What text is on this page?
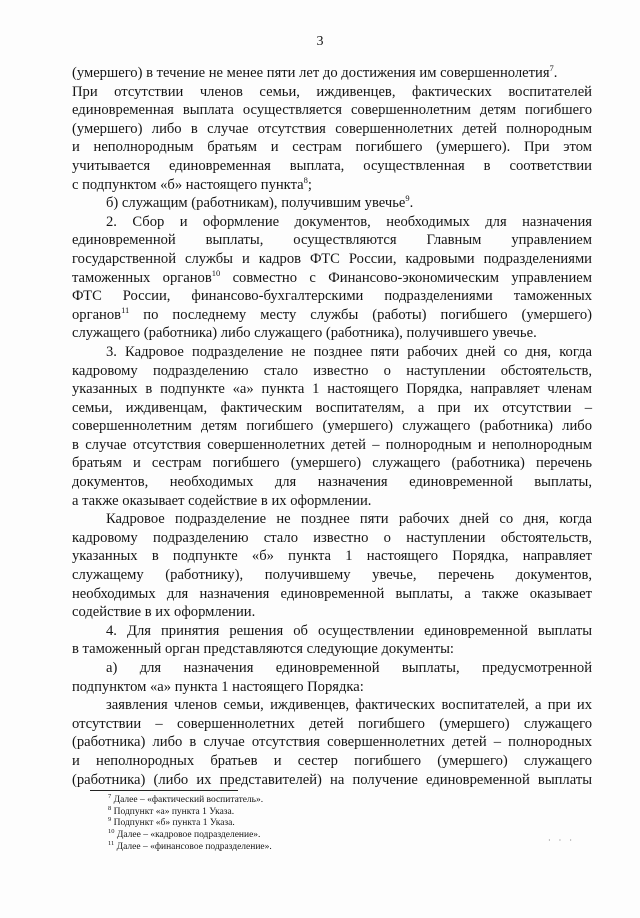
3
(умершего) в течение не менее пяти лет до достижения им совершеннолетия$^7$.
При отсутствии членов семьи, иждивенцев, фактических воспитателей
единовременная выплата осуществляется совершеннолетним детям погибшего
(умершего) либо в случае отсутствия совершеннолетних детей полнородным
и неполнородным братьям и сестрам погибшего (умершего). При этом
учитывается единовременная выплата, осуществленная в соответствии
с подпунктом «б» настоящего пункта$^8$;
б) служащим (работникам), получившим увечье$^9$.
2. Сбор и оформление документов, необходимых для назначения
единовременной выплаты, осуществляются Главным управлением
государственной службы и кадров ФТС России, кадровыми подразделениями
таможенных органов$^{10}$ совместно с Финансово-экономическим управлением
ФТС России, финансово-бухгалтерскими подразделениями таможенных
органов$^{11}$ по последнему месту службы (работы) погибшего (умершего)
служащего (работника) либо служащего (работника), получившего увечье.
3. Кадровое подразделение не позднее пяти рабочих дней со дня, когда
кадровому подразделению стало известно о наступлении обстоятельств,
указанных в подпункте «а» пункта 1 настоящего Порядка, направляет членам
семьи, иждивенцам, фактическим воспитателям, а при их отсутствии –
совершеннолетним детям погибшего (умершего) служащего (работника) либо
в случае отсутствия совершеннолетних детей – полнородным и неполнородным
братьям и сестрам погибшего (умершего) служащего (работника) перечень
документов, необходимых для назначения единовременной выплаты,
а также оказывает содействие в их оформлении.
Кадровое подразделение не позднее пяти рабочих дней со дня, когда
кадровому подразделению стало известно о наступлении обстоятельств,
указанных в подпункте «б» пункта 1 настоящего Порядка, направляет
служащему (работнику), получившему увечье, перечень документов,
необходимых для назначения единовременной выплаты, а также оказывает
содействие в их оформлении.
4. Для принятия решения об осуществлении единовременной выплаты
в таможенный орган представляются следующие документы:
а) для назначения единовременной выплаты, предусмотренной
подпунктом «а» пункта 1 настоящего Порядка:
заявления членов семьи, иждивенцев, фактических воспитателей, а при их
отсутствии – совершеннолетних детей погибшего (умершего) служащего
(работника) либо в случае отсутствия совершеннолетних детей – полнородных
и неполнородных братьев и сестер погибшего (умершего) служащего
(работника) (либо их представителей) на получение единовременной выплаты
$^7$ Далее – «фактический воспитатель».
$^8$ Подпункт «а» пункта 1 Указа.
$^9$ Подпункт «б» пункта 1 Указа.
$^{10}$ Далее – «кадровое подразделение».
$^{11}$ Далее – «финансовое подразделение».
· · ·
